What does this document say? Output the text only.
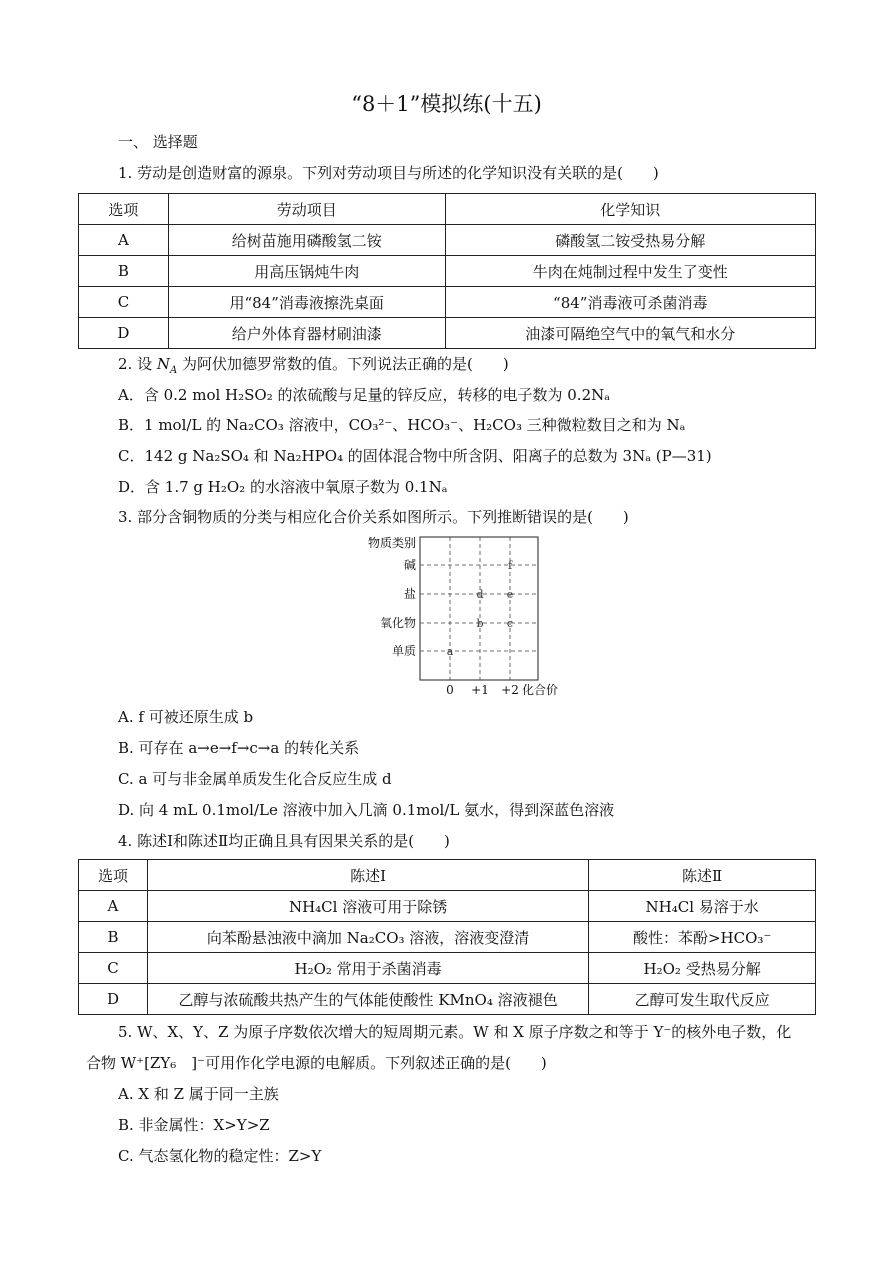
“8＋1”模拟练(十五)
一、 选择题
1. 劳动是创造财富的源泉。下列对劳动项目与所述的化学知识没有关联的是(　　)
选项	劳动项目	化学知识
A	给树苗施用磷酸氢二铵	磷酸氢二铵受热易分解
B	用高压锅炖牛肉	牛肉在炖制过程中发生了变性
C	用“84”消毒液擦洗桌面	“84”消毒液可杀菌消毒
D	给户外体育器材刷油漆	油漆可隔绝空气中的氧气和水分
2. 设 $N_A$ 为阿伏加德罗常数的值。下列说法正确的是(　　)
A．含 0.2 mol H₂SO₂ 的浓硫酸与足量的锌反应，转移的电子数为 0.2Nₐ
B．1 mol/L 的 Na₂CO₃ 溶液中，CO₃²⁻、HCO₃⁻、H₂CO₃ 三种微粒数目之和为 Nₐ
C．142 g Na₂SO₄ 和 Na₂HPO₄ 的固体混合物中所含阴、阳离子的总数为 3Nₐ (P—31)
D．含 1.7 g H₂O₂ 的水溶液中氧原子数为 0.1Nₐ
3. 部分含铜物质的分类与相应化合价关系如图所示。下列推断错误的是(　　)
碱
盐
氧化物
单质
0 +1 +2
a
b c
d e
f
物质类别
化合价
A. f 可被还原生成 b
B. 可存在 a→e→f→c→a 的转化关系
C. a 可与非金属单质发生化合反应生成 d
D. 向 4 mL 0.1mol/Le 溶液中加入几滴 0.1mol/L 氨水，得到深蓝色溶液
4. 陈述Ⅰ和陈述Ⅱ均正确且具有因果关系的是(　　)
选项	陈述Ⅰ	陈述Ⅱ
A	NH₄Cl 溶液可用于除锈	NH₄Cl 易溶于水
B	向苯酚悬浊液中滴加 Na₂CO₃ 溶液，溶液变澄清	酸性：苯酚>HCO₃⁻
C	H₂O₂ 常用于杀菌消毒	H₂O₂ 受热易分解
D	乙醇与浓硫酸共热产生的气体能使酸性 KMnO₄ 溶液褪色	乙醇可发生取代反应
5. W、X、Y、Z 为原子序数依次增大的短周期元素。W 和 X 原子序数之和等于 Y⁻的核外电子数，化
合物 W⁺[ZY₆　]⁻可用作化学电源的电解质。下列叙述正确的是(　　)
A. X 和 Z 属于同一主族
B. 非金属性：X>Y>Z
C. 气态氢化物的稳定性：Z>Y
